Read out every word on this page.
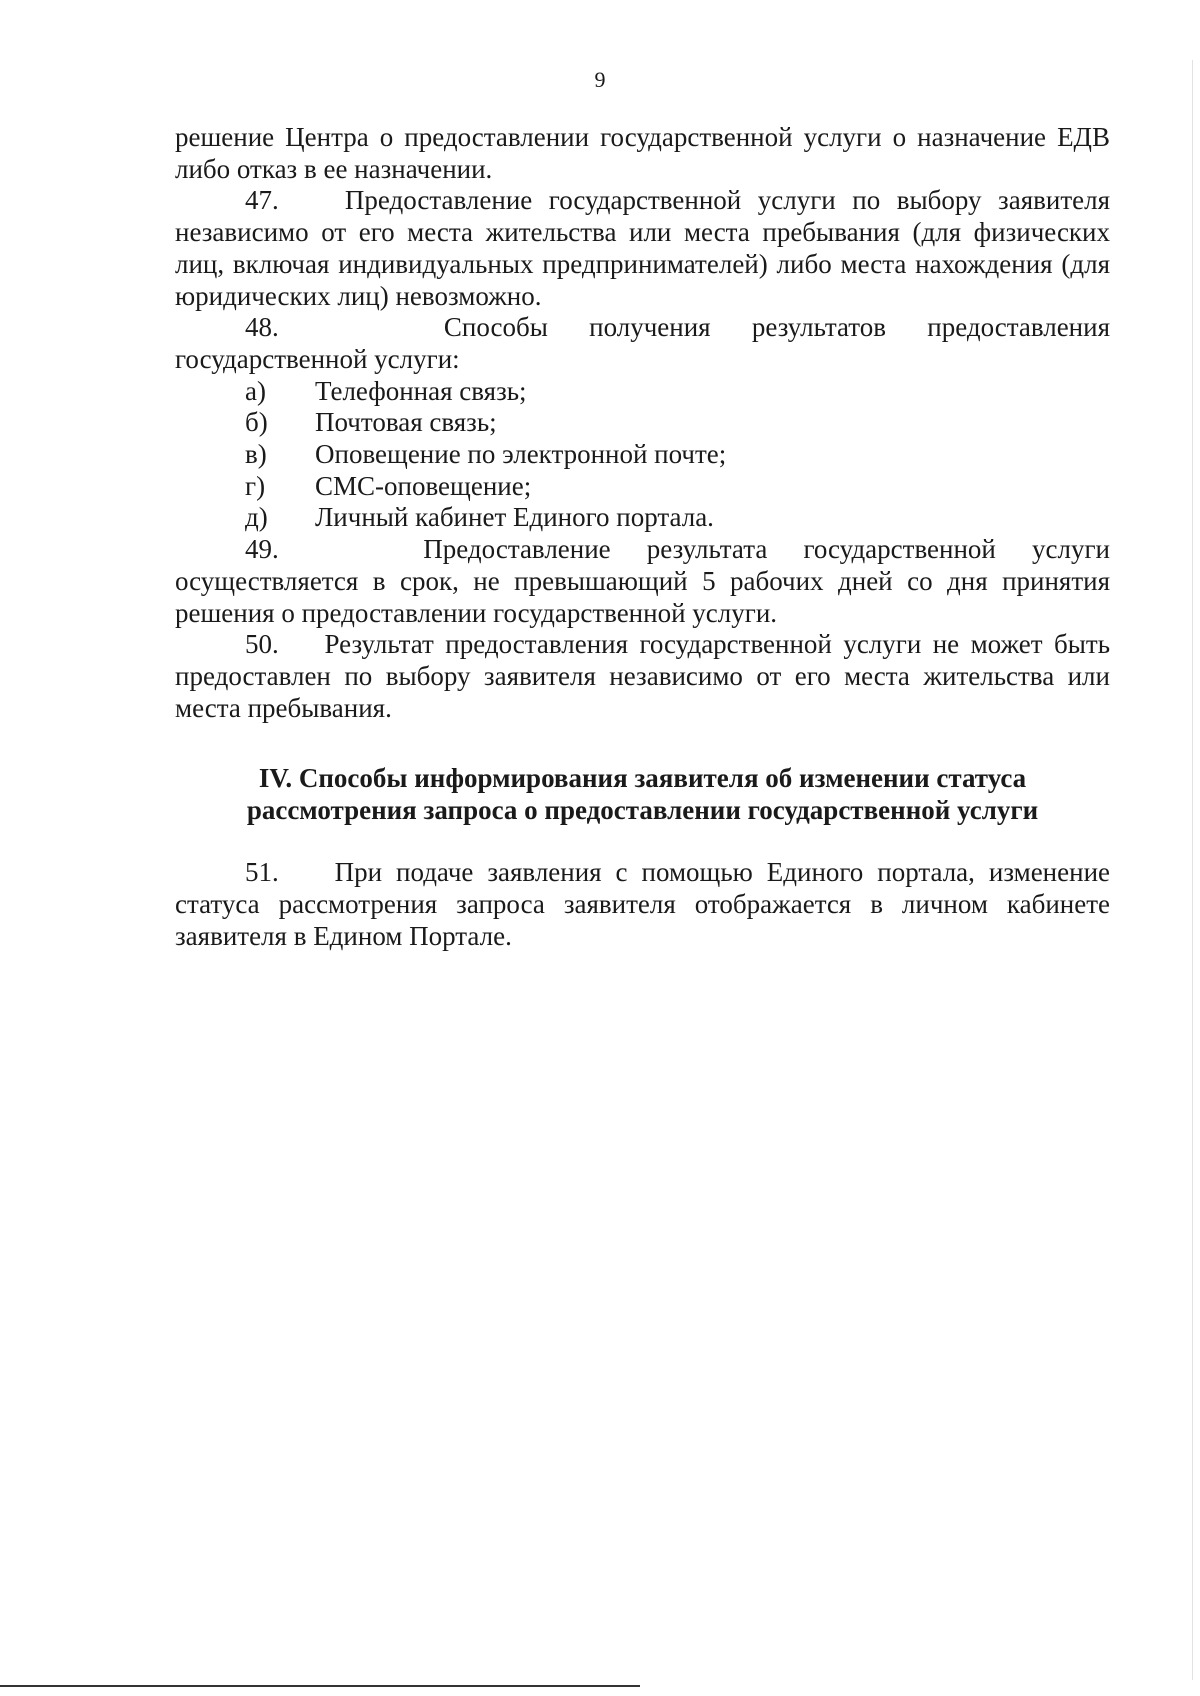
9

решение Центра о предоставлении государственной услуги о назначение ЕДВ либо отказ в ее назначении.

47. Предоставление государственной услуги по выбору заявителя независимо от его места жительства или места пребывания (для физических лиц, включая индивидуальных предпринимателей) либо места нахождения (для юридических лиц) невозможно.

48.	Способы получения результатов предоставления

государственной услуги:

а) Телефонная связь;

б) Почтовая связь;

в) Оповещение по электронной почте;

г) СМС-оповещение;

д) Личный кабинет Единого портала.

49.	Предоставление результата государственной услуги

осуществляется в срок, не превышающий 5 рабочих дней со дня принятия решения о предоставлении государственной услуги.

50. Результат предоставления государственной услуги не может быть предоставлен по выбору заявителя независимо от его места жительства или места пребывания.

IV. Способы информирования заявителя об изменении статуса
рассмотрения запроса о предоставлении государственной услуги

51. При подаче заявления с помощью Единого портала, изменение статуса рассмотрения запроса заявителя отображается в личном кабинете заявителя в Едином Портале.
